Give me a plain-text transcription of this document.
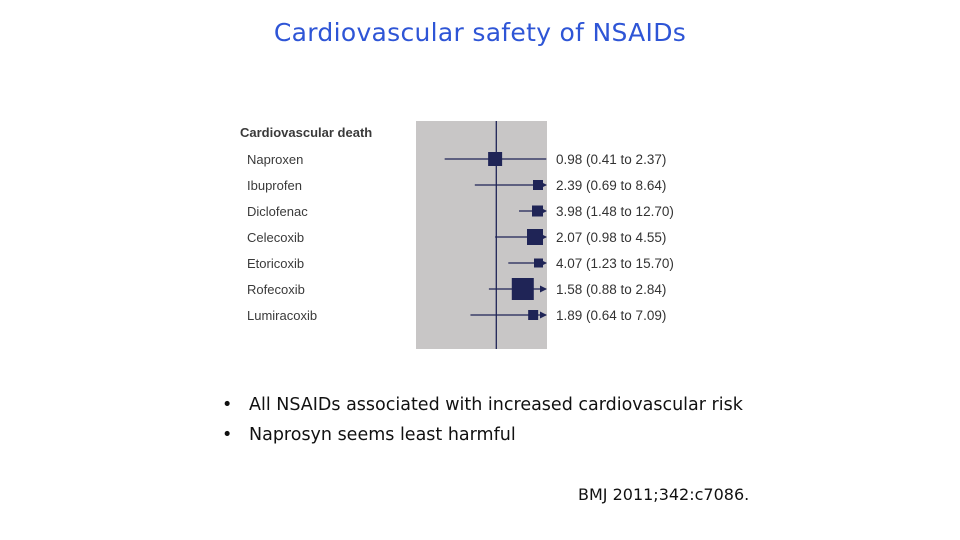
Cardiovascular safety of NSAIDs
Cardiovascular death
Naproxen	0.98 (0.41 to 2.37)
Ibuprofen	2.39 (0.69 to 8.64)
Diclofenac	3.98 (1.48 to 12.70)
Celecoxib	2.07 (0.98 to 4.55)
Etoricoxib	4.07 (1.23 to 15.70)
Rofecoxib	1.58 (0.88 to 2.84)
Lumiracoxib	1.89 (0.64 to 7.09)
• All NSAIDs associated with increased cardiovascular risk
• Naprosyn seems least harmful
BMJ 2011;342:c7086.
